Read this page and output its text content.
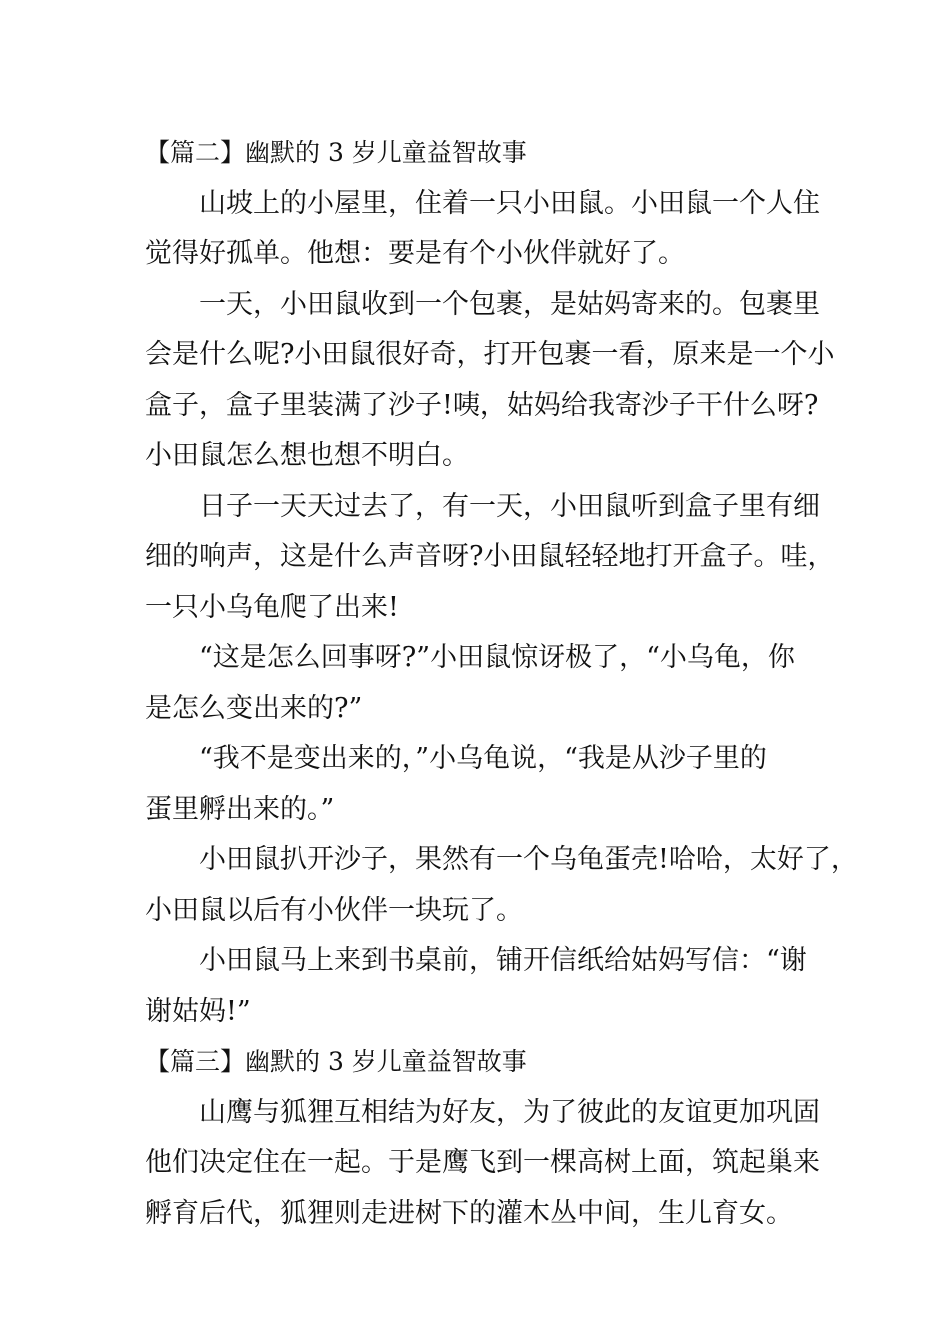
【篇二】幽默的 3 岁儿童益智故事
山坡上的小屋里，住着一只小田鼠。小田鼠一个人住
觉得好孤单。他想：要是有个小伙伴就好了。
一天，小田鼠收到一个包裹，是姑妈寄来的。包裹里
会是什么呢?小田鼠很好奇，打开包裹一看，原来是一个小
盒子，盒子里装满了沙子!咦，姑妈给我寄沙子干什么呀?
小田鼠怎么想也想不明白。
日子一天天过去了，有一天，小田鼠听到盒子里有细
细的响声，这是什么声音呀?小田鼠轻轻地打开盒子。哇，
一只小乌龟爬了出来!
“这是怎么回事呀?”小田鼠惊讶极了，“小乌龟，你
是怎么变出来的?”
“我不是变出来的，”小乌龟说，“我是从沙子里的
蛋里孵出来的。”
小田鼠扒开沙子，果然有一个乌龟蛋壳!哈哈，太好了，
小田鼠以后有小伙伴一块玩了。
小田鼠马上来到书桌前，铺开信纸给姑妈写信：“谢
谢姑妈!”
【篇三】幽默的 3 岁儿童益智故事
山鹰与狐狸互相结为好友，为了彼此的友谊更加巩固
他们决定住在一起。于是鹰飞到一棵高树上面，筑起巢来
孵育后代，狐狸则走进树下的灌木丛中间，生儿育女。
